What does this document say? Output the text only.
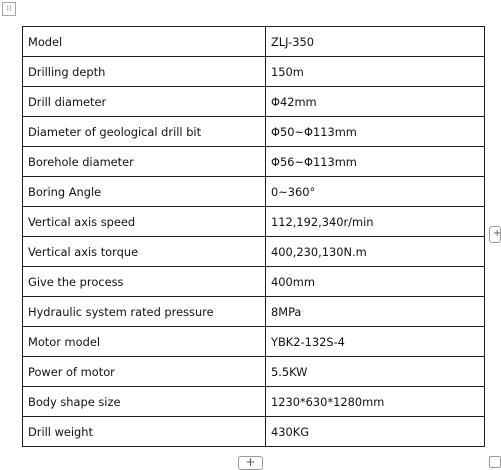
⁝⁝
Model	ZLJ-350
Drilling depth	150m
Drill diameter	Φ42mm
Diameter of geological drill bit	Φ50~Φ113mm
Borehole diameter	Φ56~Φ113mm
Boring Angle	0~360°
Vertical axis speed	112,192,340r/min
Vertical axis torque	400,230,130N.m
Give the process	400mm
Hydraulic system rated pressure	8MPa
Motor model	YBK2-132S-4
Power of motor	5.5KW
Body shape size	1230*630*1280mm
Drill weight	430KG
+
+
